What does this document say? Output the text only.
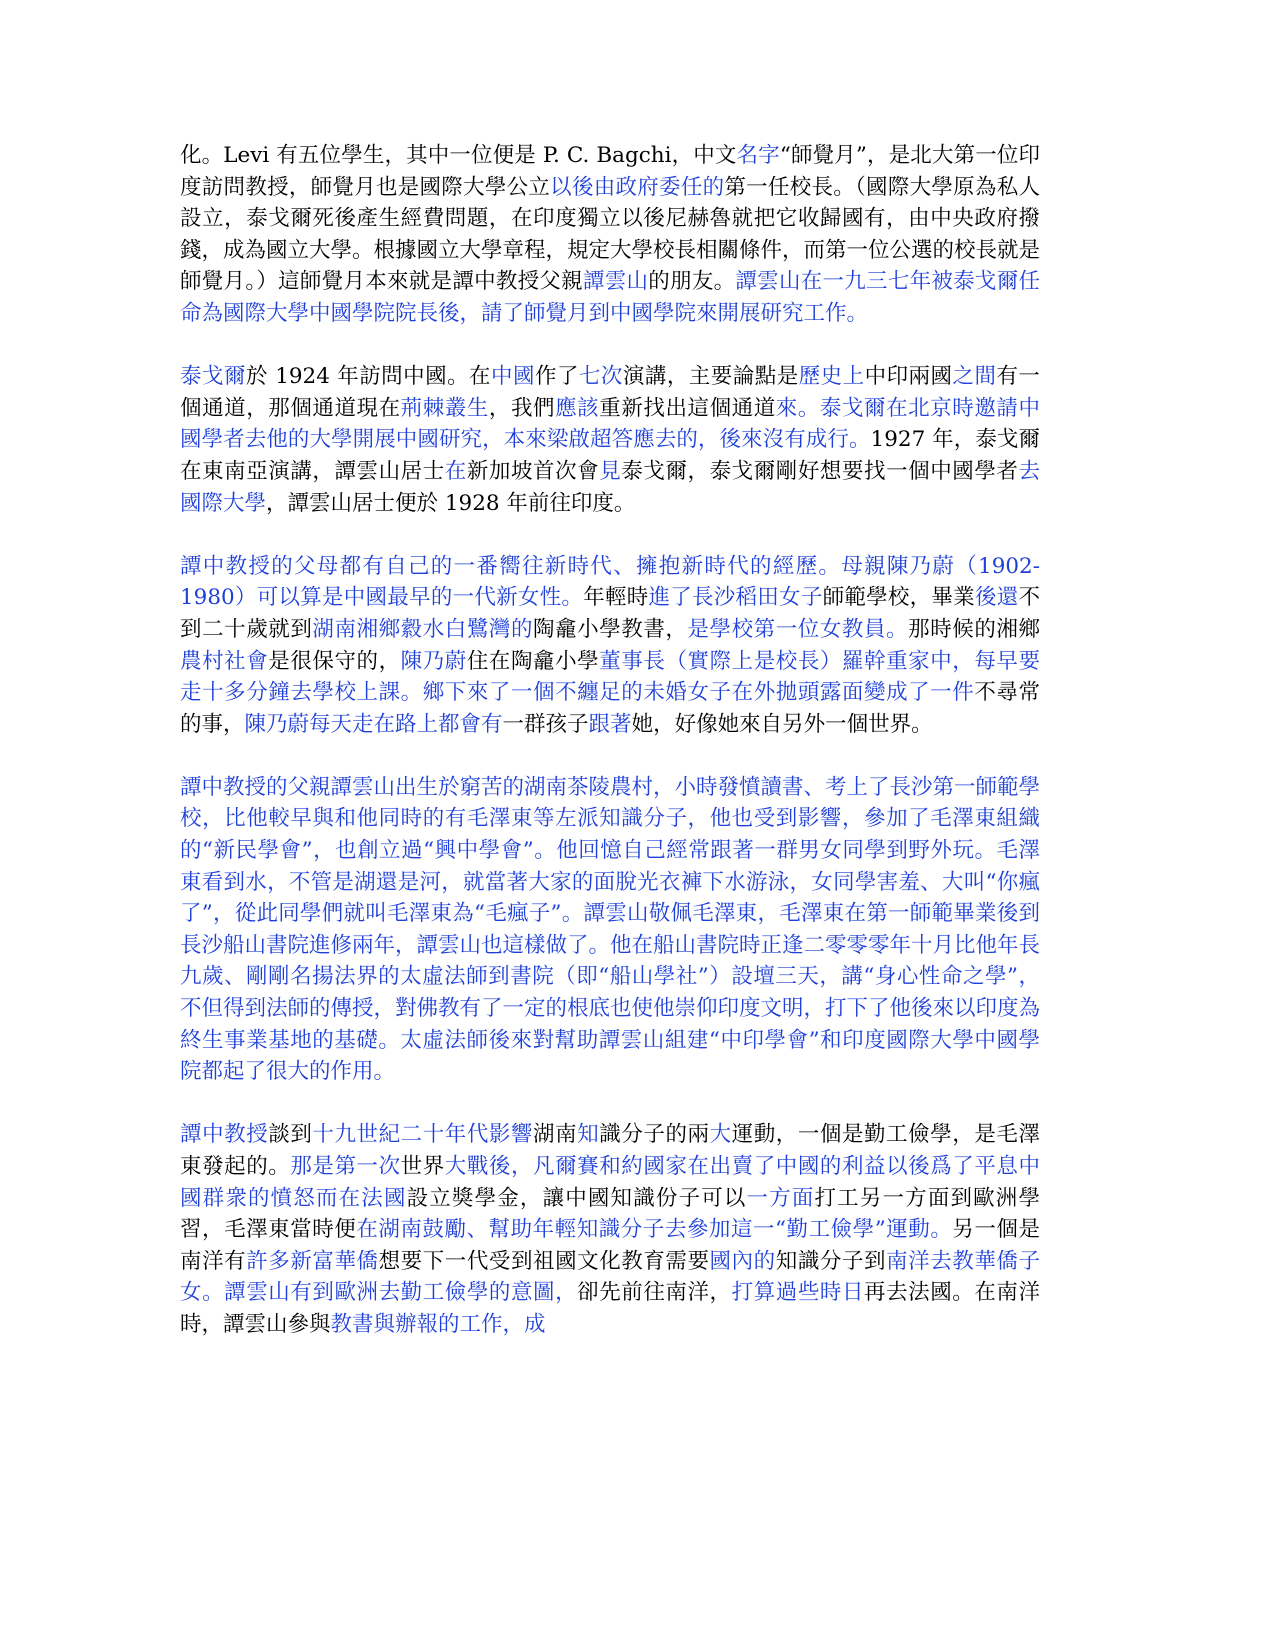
化。Levi 有五位學生，其中一位便是 P. C. Bagchi，中文名字“師覺月”，是北大第一位印度訪問教授，師覺月也是國際大學公立以後由政府委任的第一任校長。（國際大學原為私人設立，泰戈爾死後產生經費問題，在印度獨立以後尼赫魯就把它收歸國有，由中央政府撥錢，成為國立大學。根據國立大學章程，規定大學校長相關條件，而第一位公選的校長就是師覺月。）這師覺月本來就是譚中教授父親譚雲山的朋友。譚雲山在一九三七年被泰戈爾任命為國際大學中國學院院長後，請了師覺月到中國學院來開展研究工作。

泰戈爾於 1924 年訪問中國。在中國作了七次演講，主要論點是歷史上中印兩國之間有一個通道，那個通道現在荊棘叢生，我們應該重新找出這個通道來。泰戈爾在北京時邀請中國學者去他的大學開展中國研究，本來梁啟超答應去的，後來沒有成行。1927 年，泰戈爾在東南亞演講，譚雲山居士在新加坡首次會見泰戈爾，泰戈爾剛好想要找一個中國學者去國際大學，譚雲山居士便於 1928 年前往印度。

譚中教授的父母都有自己的一番嚮往新時代、擁抱新時代的經歷。母親陳乃蔚（1902-1980）可以算是中國最早的一代新女性。年輕時進了長沙稻田女子師範學校，畢業後還不到二十歲就到湖南湘鄉縠水白鷺灣的陶龕小學教書，是學校第一位女教員。那時候的湘鄉農村社會是很保守的，陳乃蔚住在陶龕小學董事長（實際上是校長）羅幹重家中，每早要走十多分鐘去學校上課。鄉下來了一個不纏足的未婚女子在外拋頭露面變成了一件不尋常的事，陳乃蔚每天走在路上都會有一群孩子跟著她，好像她來自另外一個世界。

譚中教授的父親譚雲山出生於窮苦的湖南茶陵農村，小時發憤讀書、考上了長沙第一師範學校，比他較早與和他同時的有毛澤東等左派知識分子，他也受到影響，參加了毛澤東組織的“新民學會”，也創立過“興中學會”。他回憶自己經常跟著一群男女同學到野外玩。毛澤東看到水，不管是湖還是河，就當著大家的面脫光衣褲下水游泳，女同學害羞、大叫“你瘋了”，從此同學們就叫毛澤東為“毛瘋子”。譚雲山敬佩毛澤東，毛澤東在第一師範畢業後到長沙船山書院進修兩年，譚雲山也這樣做了。他在船山書院時正逢二零零零年十月比他年長九歲、剛剛名揚法界的太虛法師到書院（即“船山學社”）設壇三天，講“身心性命之學”，不但得到法師的傳授，對佛教有了一定的根底也使他崇仰印度文明，打下了他後來以印度為終生事業基地的基礎。太虛法師後來對幫助譚雲山組建“中印學會”和印度國際大學中國學院都起了很大的作用。

譚中教授談到十九世紀二十年代影響湖南知識分子的兩大運動，一個是勤工儉學，是毛澤東發起的。那是第一次世界大戰後，凡爾賽和約國家在出賣了中國的利益以後爲了平息中國群衆的憤怒而在法國設立獎學金，讓中國知識份子可以一方面打工另一方面到歐洲學習，毛澤東當時便在湖南鼓勵、幫助年輕知識分子去參加這一“勤工儉學”運動。另一個是南洋有許多新富華僑想要下一代受到祖國文化教育需要國內的知識分子到南洋去教華僑子女。譚雲山有到歐洲去勤工儉學的意圖，卻先前往南洋，打算過些時日再去法國。在南洋時，譚雲山參與教書與辦報的工作，成
